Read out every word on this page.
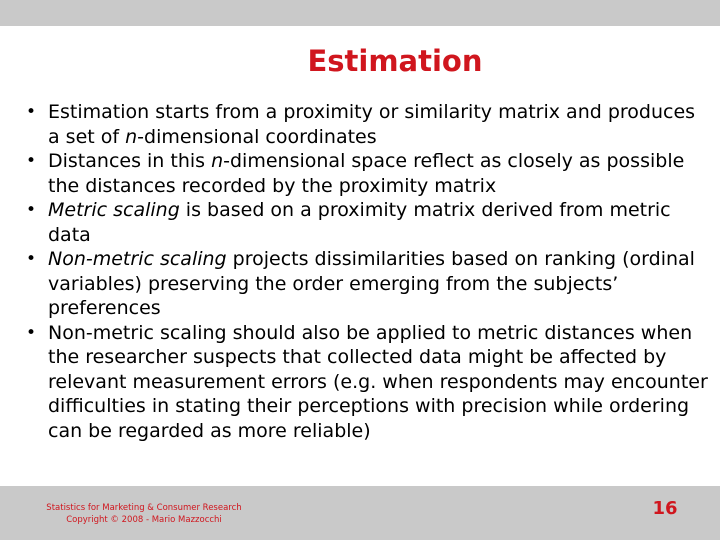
Estimation
• Estimation starts from a proximity or similarity matrix and produces a set of n-dimensional coordinates
• Distances in this n-dimensional space reflect as closely as possible the distances recorded by the proximity matrix
• Metric scaling is based on a proximity matrix derived from metric data
• Non-metric scaling projects dissimilarities based on ranking (ordinal variables) preserving the order emerging from the subjects’ preferences
• Non-metric scaling should also be applied to metric distances when the researcher suspects that collected data might be affected by relevant measurement errors (e.g. when respondents may encounter difficulties in stating their perceptions with precision while ordering can be regarded as more reliable)
Statistics for Marketing & Consumer Research
Copyright © 2008 - Mario Mazzocchi
16
